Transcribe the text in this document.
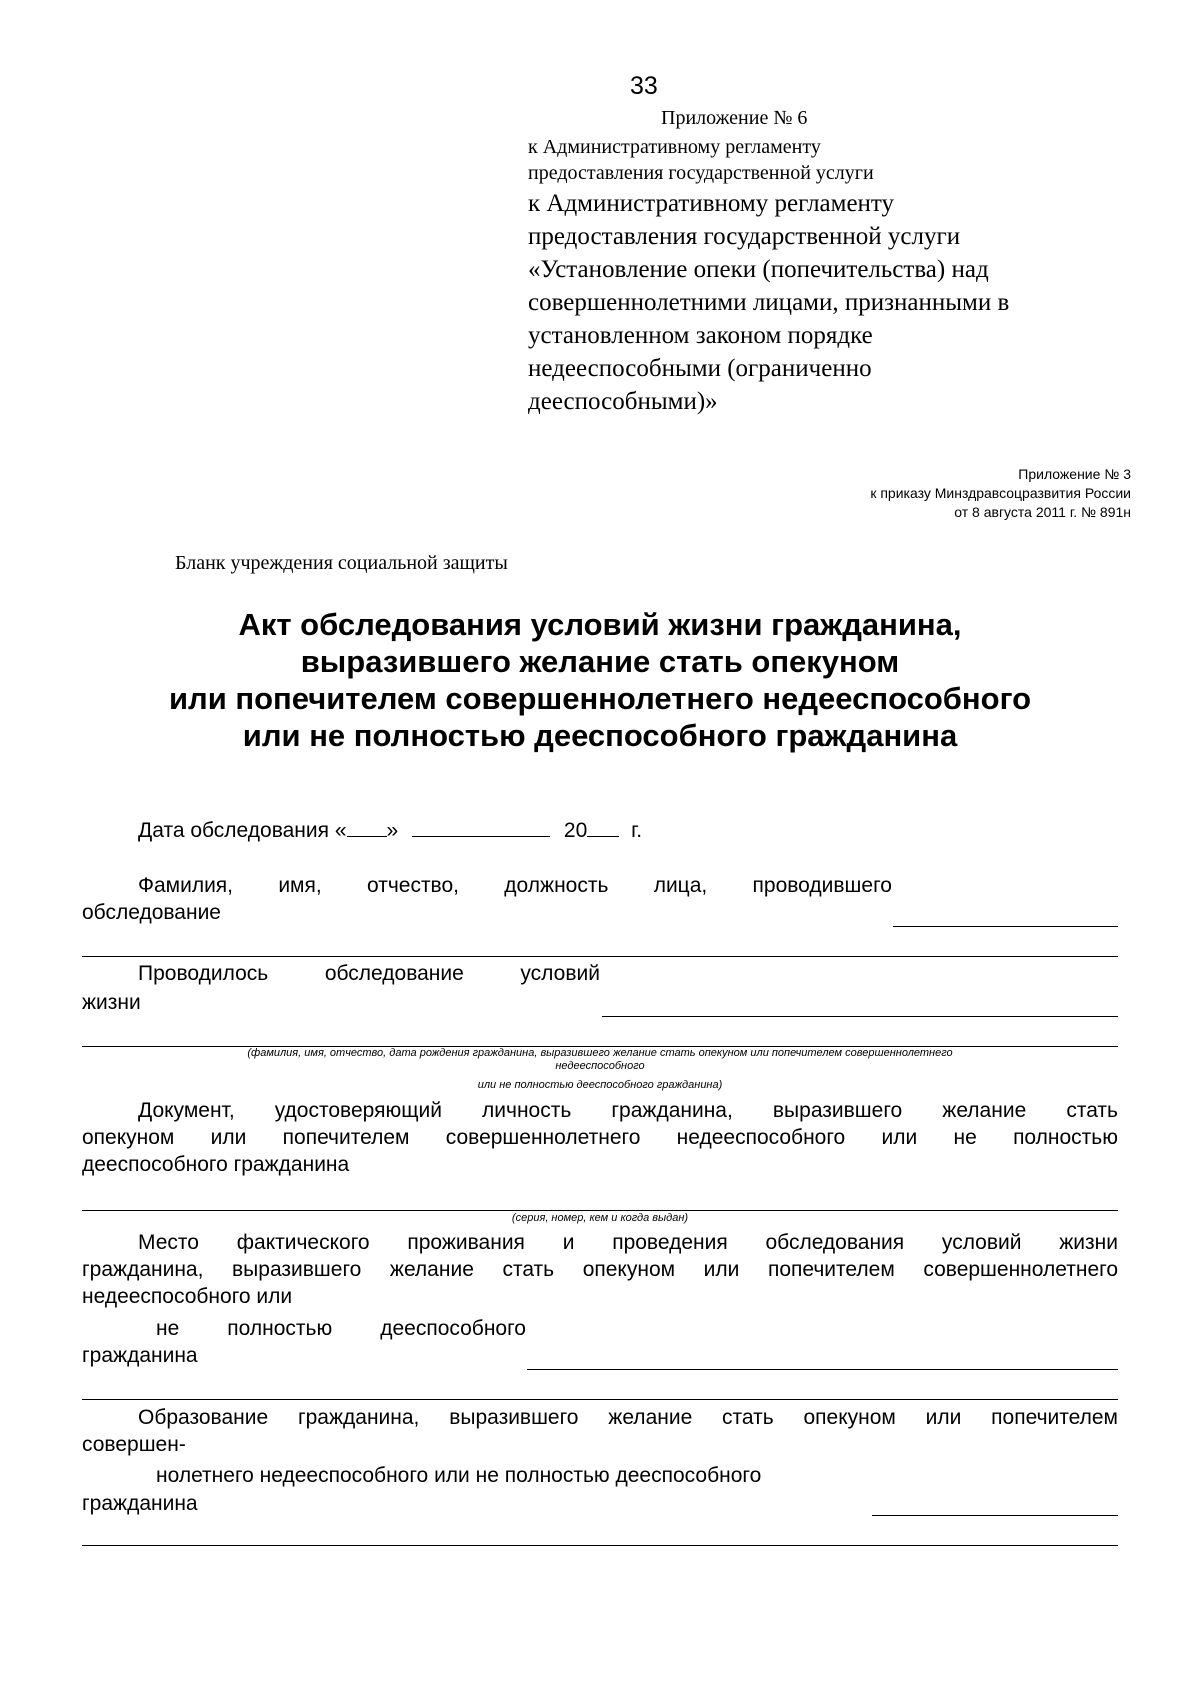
33
Приложение № 6
к Административному регламенту
предоставления государственной услуги
к Административному регламенту
предоставления государственной услуги
«Установление опеки (попечительства) над
совершеннолетними лицами, признанными в
установленном законом порядке
недееспособными (ограниченно
дееспособными)»
Приложение № 3
к приказу Минздравсоцразвития России
от 8 августа 2011 г. № 891н
Бланк учреждения социальной защиты
Акт обследования условий жизни гражданина,
выразившего желание стать опекуном
или попечителем совершеннолетнего недееспособного
или не полностью дееспособного гражданина
Дата обследования « »	20 г.
Фамилия, имя, отчество, должность лица, проводившего
обследование
Проводилось	обследование	условий
жизни
(фамилия, имя, отчество, дата рождения гражданина, выразившего желание стать опекуном или попечителем совершеннолетнего
недееспособного
или не полностью дееспособного гражданина)
Документ, удостоверяющий личность гражданина, выразившего желание стать
опекуном или попечителем совершеннолетнего недееспособного или не полностью
дееспособного гражданина
(серия, номер, кем и когда выдан)
Место фактического проживания и проведения обследования условий жизни
гражданина, выразившего желание стать опекуном или попечителем совершеннолетнего
недееспособного или
не полностью дееспособного
гражданина
Образование гражданина, выразившего желание стать опекуном или попечителем
совершен-
нолетнего недееспособного или не полностью дееспособного
гражданина
